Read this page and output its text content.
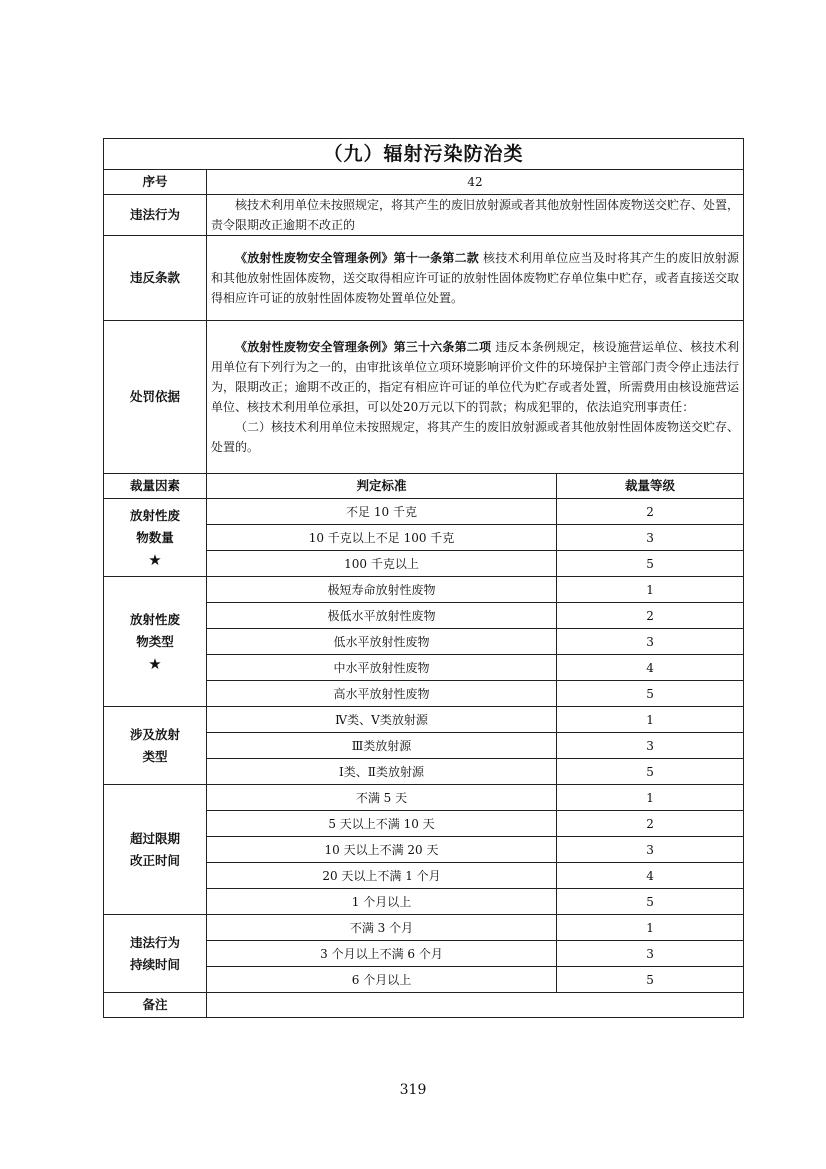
（九）辐射污染防治类		
序号	42	
违法行为	核技术利用单位未按照规定，将其产生的废旧放射源或者其他放射性固体废物送交贮存、处置，责令限期改正逾期不改正的	

违反条款	《放射性废物安全管理条例》第十一条第二款 核技术利用单位应当及时将其产生的废旧放射源和其他放射性固体废物，送交取得相应许可证的放射性固体废物贮存单位集中贮存，或者直接送交取得相应许可证的放射性固体废物处置单位处置。	

处罚依据	《放射性废物安全管理条例》第三十六条第二项 违反本条例规定，核设施营运单位、核技术利用单位有下列行为之一的，由审批该单位立项环境影响评价文件的环境保护主管部门责令停止违法行为，限期改正；逾期不改正的，指定有相应许可证的单位代为贮存或者处置，所需费用由核设施营运单位、核技术利用单位承担，可以处20万元以下的罚款；构成犯罪的，依法追究刑事责任：

（二）核技术利用单位未按照规定，将其产生的废旧放射源或者其他放射性固体废物送交贮存、处置的。	

裁量因素	判定标准	裁量等级
放射性废物数量
★	不足 10 千克	2
	10 千克以上不足 100 千克	3
	100 千克以上	5
放射性废物类型
★	极短寿命放射性废物	1
	极低水平放射性废物	2
	低水平放射性废物	3
	中水平放射性废物	4
	高水平放射性废物	5
涉及放射类型	Ⅳ类、Ⅴ类放射源	1
	Ⅲ类放射源	3
	Ⅰ类、Ⅱ类放射源	5
超过限期改正时间	不满 5 天	1
	5 天以上不满 10 天	2
	10 天以上不满 20 天	3
	20 天以上不满 1 个月	4
	1 个月以上	5
违法行为持续时间	不满 3 个月	1
	3 个月以上不满 6 个月	3
	6 个月以上	5
备注		
319
